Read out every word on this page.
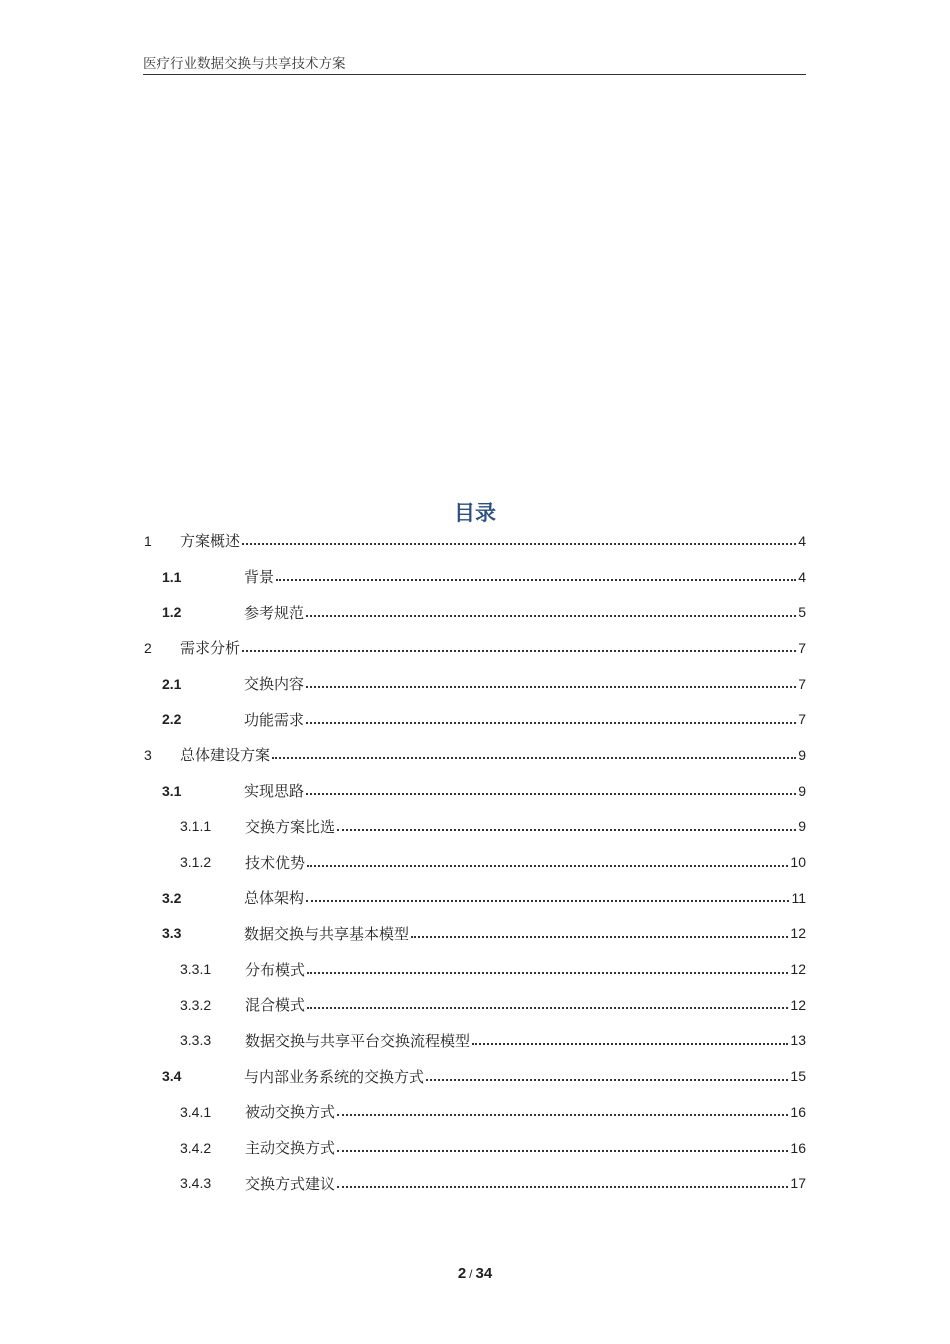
医疗行业数据交换与共享技术方案
目录
1	方案概述	4
1.1	背景	4
1.2	参考规范	5
2	需求分析	7
2.1	交换内容	7
2.2	功能需求	7
3	总体建设方案	9
3.1	实现思路	9
3.1.1	交换方案比选	9
3.1.2	技术优势	10
3.2	总体架构	11
3.3	数据交换与共享基本模型	12
3.3.1	分布模式	12
3.3.2	混合模式	12
3.3.3	数据交换与共享平台交换流程模型	13
3.4	与内部业务系统的交换方式	15
3.4.1	被动交换方式	16
3.4.2	主动交换方式	16
3.4.3	交换方式建议	17
2 / 34
